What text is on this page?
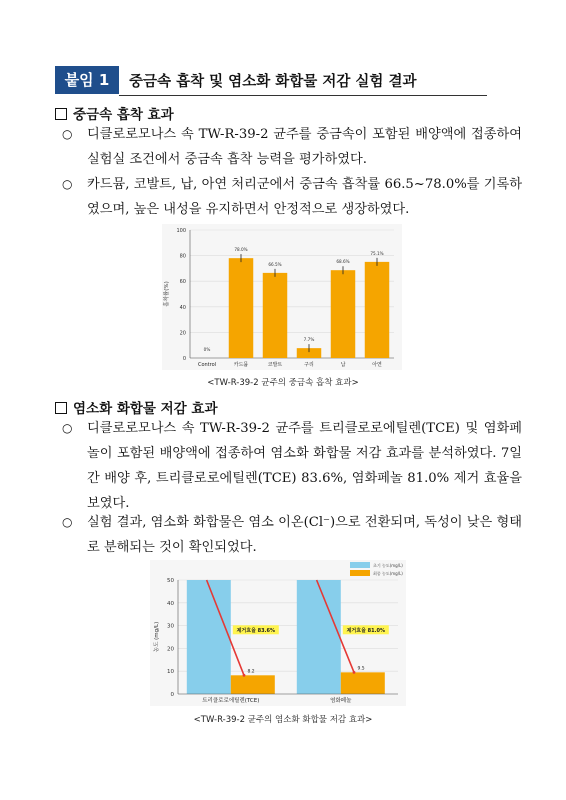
붙임 1	중금속 흡착 및 염소화 화합물 저감 실험 결과
중금속 흡착 효과
○ 디클로로모나스 속 TW-R-39-2 균주를 중금속이 포함된 배양액에 접종하여 실험실 조건에서 중금속 흡착 능력을 평가하였다.
○ 카드뮴, 코발트, 납, 아연 처리군에서 중금속 흡착률 66.5~78.0%를 기록하였으며, 높은 내성을 유지하면서 안정적으로 생장하였다.
0
20
40
60
80
100
흡착률(%)
0%
Control
78.0%
카드뮴
66.5%
코발트
7.7%
구리
68.6%
납
75.1%
아연
<TW-R-39-2 균주의 중금속 흡착 효과>
염소화 화합물 저감 효과
○ 디클로로모나스 속 TW-R-39-2 균주를 트리클로로에틸렌(TCE) 및 염화페놀이 포함된 배양액에 접종하여 염소화 화합물 저감 효과를 분석하였다. 7일간 배양 후, 트리클로로에틸렌(TCE) 83.6%, 염화페놀 81.0% 제거 효율을 보였다.
○ 실험 결과, 염소화 화합물은 염소 이온(Cl⁻)으로 전환되며, 독성이 낮은 형태로 분해되는 것이 확인되었다.
0
10
20
30
40
50
농도 (mg/L)
초기 농도(mg/L)
최종 농도(mg/L)
8.2
제거효율 83.6%
트리클로로에틸렌(TCE)
9.5
제거효율 81.0%
염화페놀
<TW-R-39-2 균주의 염소화 화합물 저감 효과>
